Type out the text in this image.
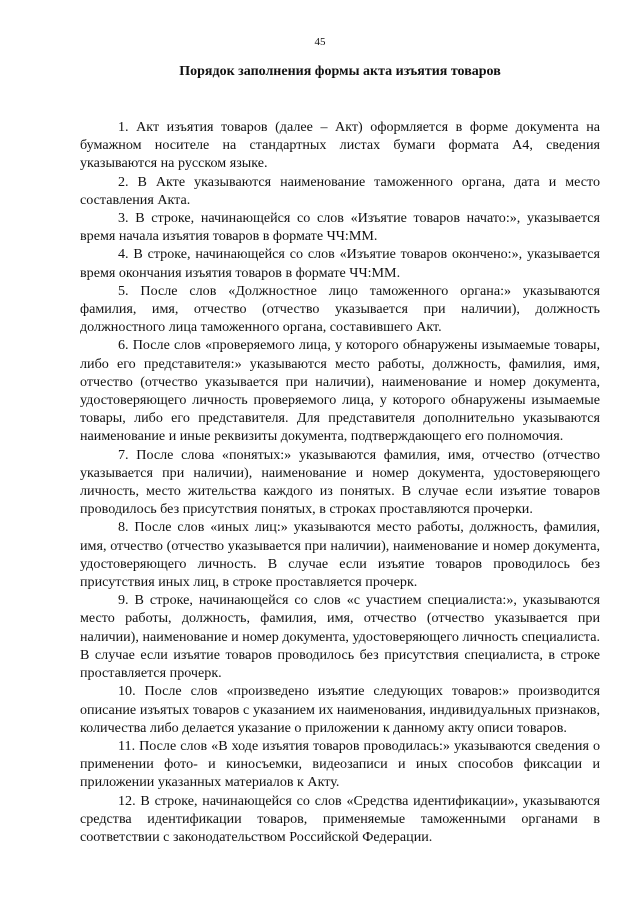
45
Порядок заполнения формы акта изъятия товаров

1. Акт изъятия товаров (далее – Акт) оформляется в форме документа на бумажном носителе на стандартных листах бумаги формата А4, сведения указываются на русском языке.

2. В Акте указываются наименование таможенного органа, дата и место составления Акта.

3. В строке, начинающейся со слов «Изъятие товаров начато:», указывается время начала изъятия товаров в формате ЧЧ:ММ.

4. В строке, начинающейся со слов «Изъятие товаров окончено:», указывается время окончания изъятия товаров в формате ЧЧ:ММ.

5. После слов «Должностное лицо таможенного органа:» указываются фамилия, имя, отчество (отчество указывается при наличии), должность должностного лица таможенного органа, составившего Акт.

6. После слов «проверяемого лица, у которого обнаружены изымаемые товары, либо его представителя:» указываются место работы, должность, фамилия, имя, отчество (отчество указывается при наличии), наименование и номер документа, удостоверяющего личность проверяемого лица, у которого обнаружены изымаемые товары, либо его представителя. Для представителя дополнительно указываются наименование и иные реквизиты документа, подтверждающего его полномочия.

7. После слова «понятых:» указываются фамилия, имя, отчество (отчество указывается при наличии), наименование и номер документа, удостоверяющего личность, место жительства каждого из понятых. В случае если изъятие товаров проводилось без присутствия понятых, в строках проставляются прочерки.

8. После слов «иных лиц:» указываются место работы, должность, фамилия, имя, отчество (отчество указывается при наличии), наименование и номер документа, удостоверяющего личность. В случае если изъятие товаров проводилось без присутствия иных лиц, в строке проставляется прочерк.

9. В строке, начинающейся со слов «с участием специалиста:», указываются место работы, должность, фамилия, имя, отчество (отчество указывается при наличии), наименование и номер документа, удостоверяющего личность специалиста. В случае если изъятие товаров проводилось без присутствия специалиста, в строке проставляется прочерк.

10. После слов «произведено изъятие следующих товаров:» производится описание изъятых товаров с указанием их наименования, индивидуальных признаков, количества либо делается указание о приложении к данному акту описи товаров.

11. После слов «В ходе изъятия товаров проводилась:» указываются сведения о применении фото- и киносъемки, видеозаписи и иных способов фиксации и приложении указанных материалов к Акту.

12. В строке, начинающейся со слов «Средства идентификации», указываются средства идентификации товаров, применяемые таможенными органами в соответствии с законодательством Российской Федерации.
